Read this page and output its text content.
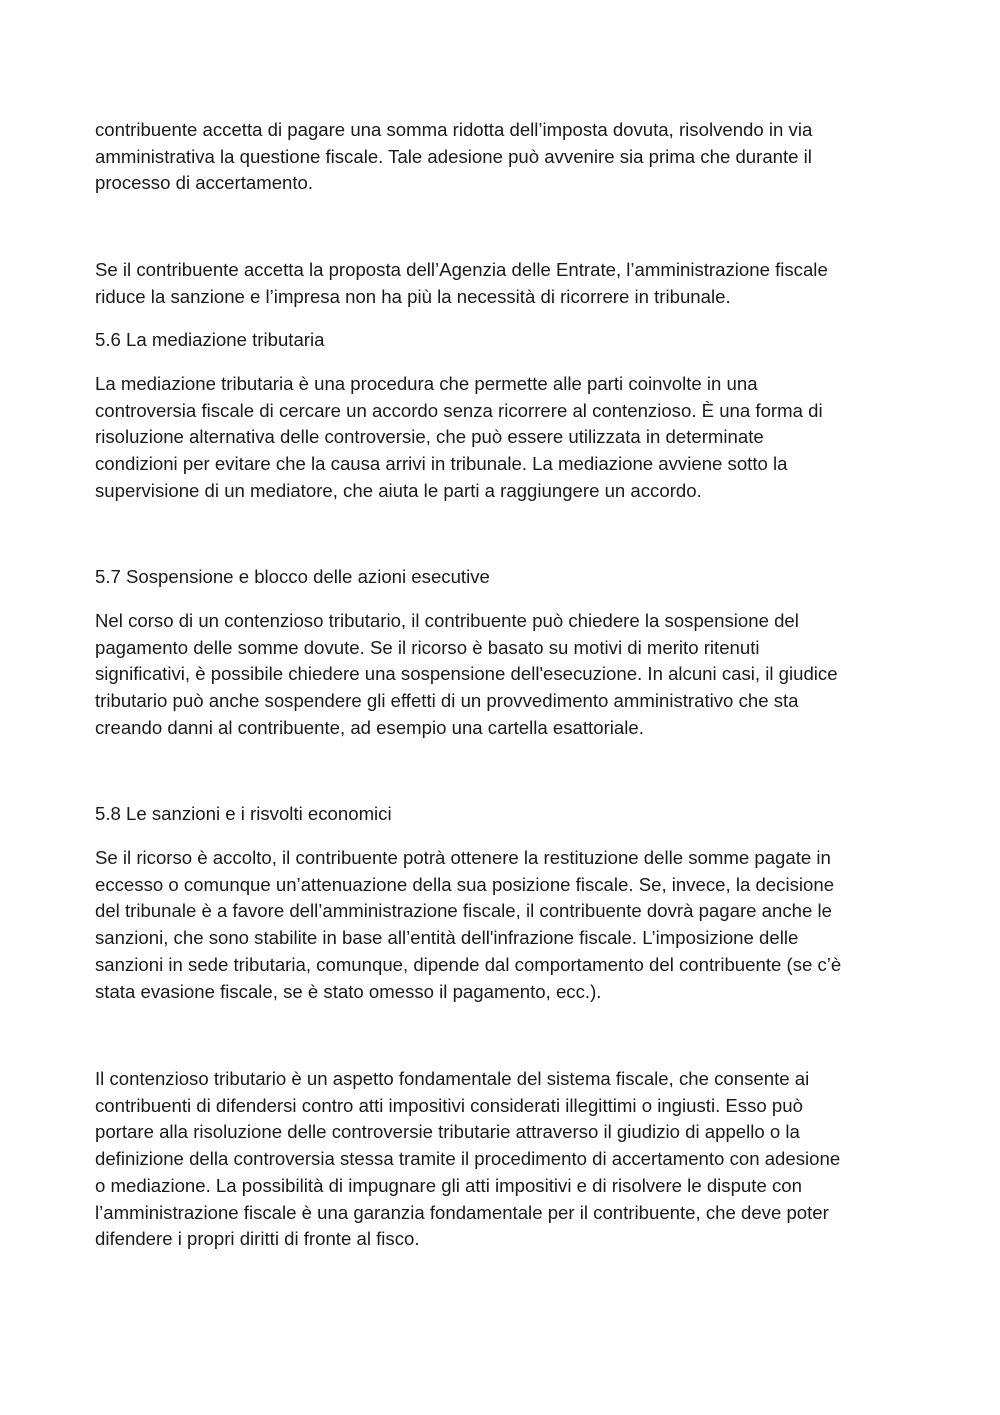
contribuente accetta di pagare una somma ridotta dell’imposta dovuta, risolvendo in via
amministrativa la questione fiscale. Tale adesione può avvenire sia prima che durante il
processo di accertamento.

Se il contribuente accetta la proposta dell’Agenzia delle Entrate, l’amministrazione fiscale
riduce la sanzione e l’impresa non ha più la necessità di ricorrere in tribunale.

5.6 La mediazione tributaria

La mediazione tributaria è una procedura che permette alle parti coinvolte in una
controversia fiscale di cercare un accordo senza ricorrere al contenzioso. È una forma di
risoluzione alternativa delle controversie, che può essere utilizzata in determinate
condizioni per evitare che la causa arrivi in tribunale. La mediazione avviene sotto la
supervisione di un mediatore, che aiuta le parti a raggiungere un accordo.

5.7 Sospensione e blocco delle azioni esecutive

Nel corso di un contenzioso tributario, il contribuente può chiedere la sospensione del
pagamento delle somme dovute. Se il ricorso è basato su motivi di merito ritenuti
significativi, è possibile chiedere una sospensione dell'esecuzione. In alcuni casi, il giudice
tributario può anche sospendere gli effetti di un provvedimento amministrativo che sta
creando danni al contribuente, ad esempio una cartella esattoriale.

5.8 Le sanzioni e i risvolti economici

Se il ricorso è accolto, il contribuente potrà ottenere la restituzione delle somme pagate in
eccesso o comunque un’attenuazione della sua posizione fiscale. Se, invece, la decisione
del tribunale è a favore dell’amministrazione fiscale, il contribuente dovrà pagare anche le
sanzioni, che sono stabilite in base all’entità dell'infrazione fiscale. L’imposizione delle
sanzioni in sede tributaria, comunque, dipende dal comportamento del contribuente (se c’è
stata evasione fiscale, se è stato omesso il pagamento, ecc.).

Il contenzioso tributario è un aspetto fondamentale del sistema fiscale, che consente ai
contribuenti di difendersi contro atti impositivi considerati illegittimi o ingiusti. Esso può
portare alla risoluzione delle controversie tributarie attraverso il giudizio di appello o la
definizione della controversia stessa tramite il procedimento di accertamento con adesione
o mediazione. La possibilità di impugnare gli atti impositivi e di risolvere le dispute con
l’amministrazione fiscale è una garanzia fondamentale per il contribuente, che deve poter
difendere i propri diritti di fronte al fisco.
